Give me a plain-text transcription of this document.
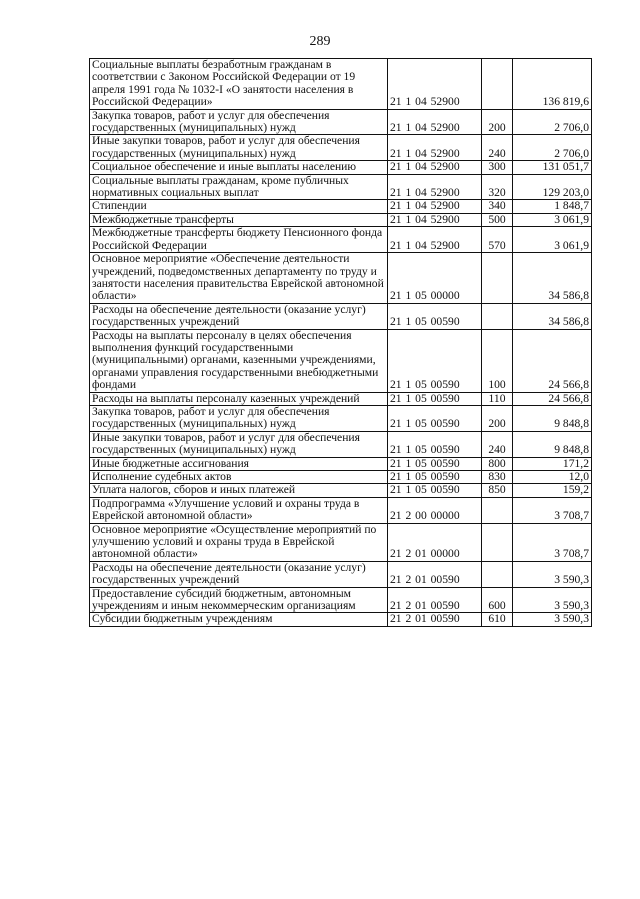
289
Социальные выплаты безработным гражданам в соответствии с Законом Российской Федерации от 19 апреля 1991 года № 1032-I «О занятости населения в Российской Федерации»	21 1 04 52900		136 819,6
Закупка товаров, работ и услуг для обеспечения государственных (муниципальных) нужд	21 1 04 52900	200	2 706,0
Иные закупки товаров, работ и услуг для обеспечения государственных (муниципальных) нужд	21 1 04 52900	240	2 706,0
Социальное обеспечение и иные выплаты населению	21 1 04 52900	300	131 051,7
Социальные выплаты гражданам, кроме публичных нормативных социальных выплат	21 1 04 52900	320	129 203,0
Стипендии	21 1 04 52900	340	1 848,7
Межбюджетные трансферты	21 1 04 52900	500	3 061,9
Межбюджетные трансферты бюджету Пенсионного фонда Российской Федерации	21 1 04 52900	570	3 061,9
Основное мероприятие «Обеспечение деятельности учреждений, подведомственных департаменту по труду и занятости населения правительства Еврейской автономной области»	21 1 05 00000		34 586,8
Расходы на обеспечение деятельности (оказание услуг) государственных учреждений	21 1 05 00590		34 586,8
Расходы на выплаты персоналу в целях обеспечения выполнения функций государственными (муниципальными) органами, казенными учреждениями, органами управления государственными внебюджетными фондами	21 1 05 00590	100	24 566,8
Расходы на выплаты персоналу казенных учреждений	21 1 05 00590	110	24 566,8
Закупка товаров, работ и услуг для обеспечения государственных (муниципальных) нужд	21 1 05 00590	200	9 848,8
Иные закупки товаров, работ и услуг для обеспечения государственных (муниципальных) нужд	21 1 05 00590	240	9 848,8
Иные бюджетные ассигнования	21 1 05 00590	800	171,2
Исполнение судебных актов	21 1 05 00590	830	12,0
Уплата налогов, сборов и иных платежей	21 1 05 00590	850	159,2
Подпрограмма «Улучшение условий и охраны труда в Еврейской автономной области»	21 2 00 00000		3 708,7
Основное мероприятие «Осуществление мероприятий по улучшению условий и охраны труда в Еврейской автономной области»	21 2 01 00000		3 708,7
Расходы на обеспечение деятельности (оказание услуг) государственных учреждений	21 2 01 00590		3 590,3
Предоставление субсидий бюджетным, автономным учреждениям и иным некоммерческим организациям	21 2 01 00590	600	3 590,3
Субсидии бюджетным учреждениям	21 2 01 00590	610	3 590,3
